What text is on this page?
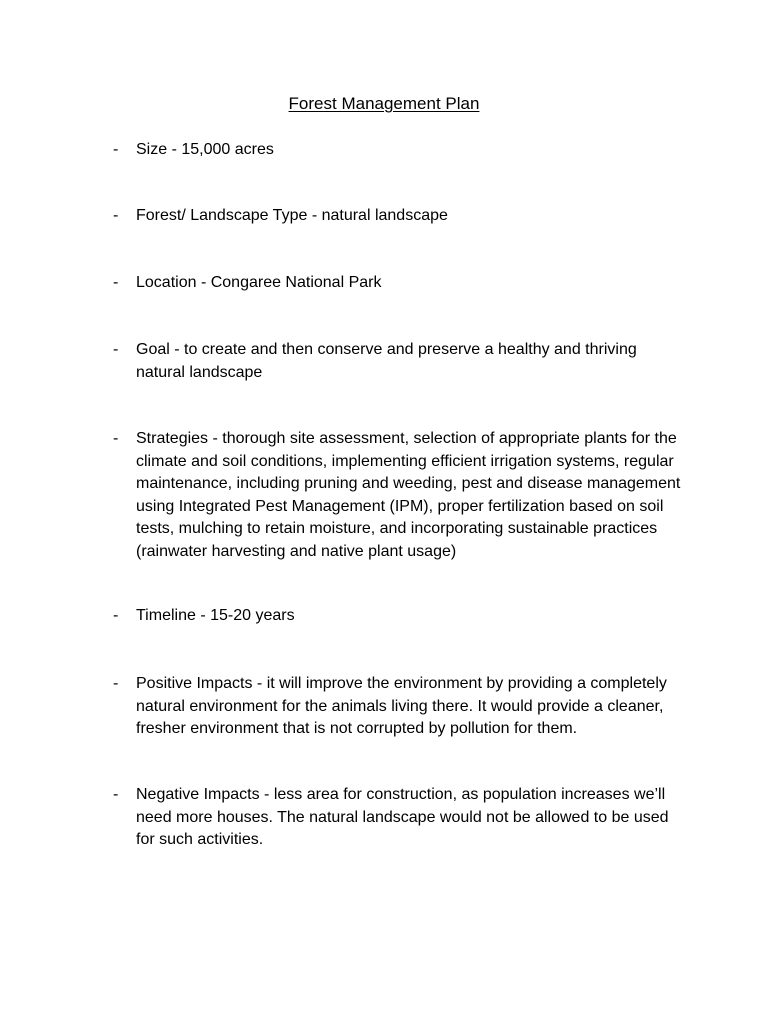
Forest Management Plan
- Size - 15,000 acres
- Forest/ Landscape Type - natural landscape
- Location - Congaree National Park
- Goal - to create and then conserve and preserve a healthy and thriving natural landscape
- Strategies - thorough site assessment, selection of appropriate plants for the climate and soil conditions, implementing efficient irrigation systems, regular maintenance, including pruning and weeding, pest and disease management using Integrated Pest Management (IPM), proper fertilization based on soil tests, mulching to retain moisture, and incorporating sustainable practices (rainwater harvesting and native plant usage)
- Timeline - 15-20 years
- Positive Impacts - it will improve the environment by providing a completely natural environment for the animals living there. It would provide a cleaner, fresher environment that is not corrupted by pollution for them.
- Negative Impacts - less area for construction, as population increases we’ll need more houses. The natural landscape would not be allowed to be used for such activities.
